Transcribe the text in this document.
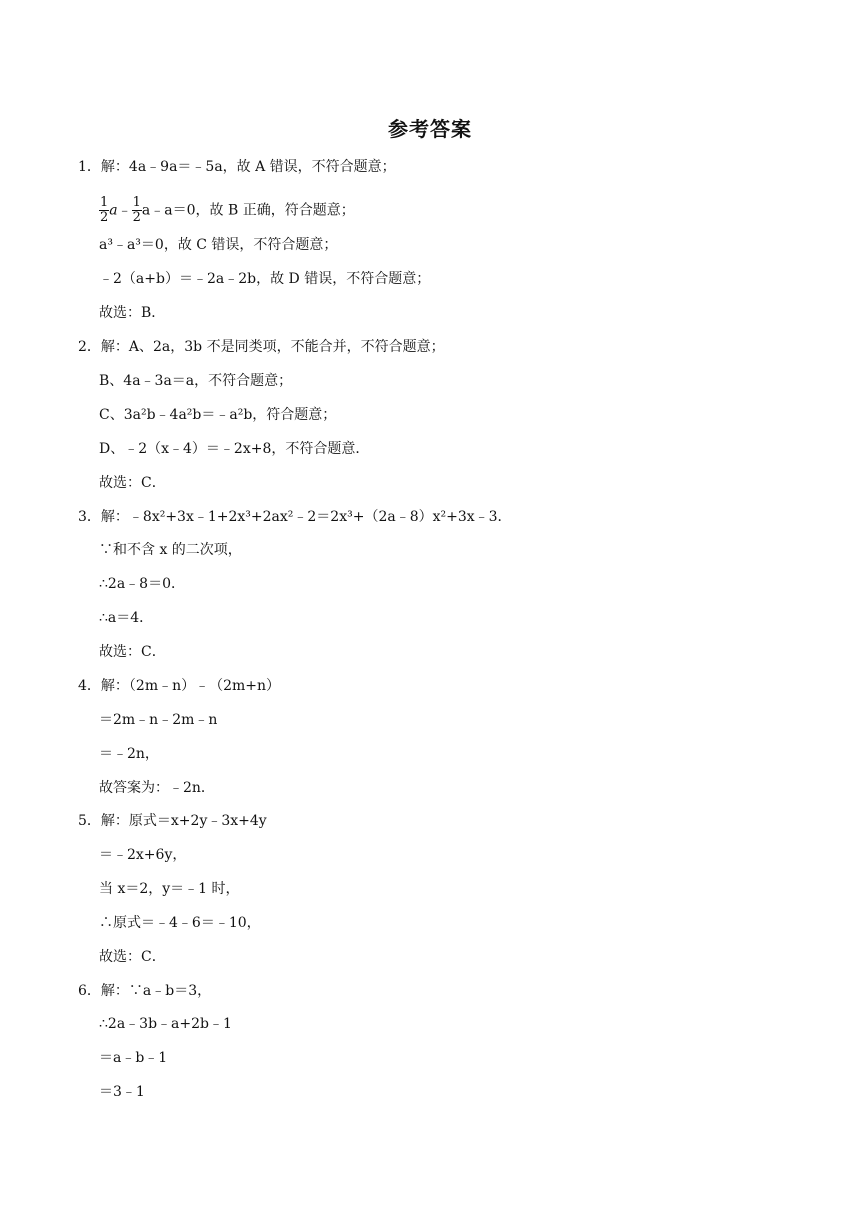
参考答案
1．解：4a﹣9a＝﹣5a，故 A 错误，不符合题意；
$\frac{1}{2}$ a﹣ $\frac{1}{2}$ a﹣a＝0，故 B 正确，符合题意；
a³﹣a³＝0，故 C 错误，不符合题意；
﹣2（a+b）＝﹣2a﹣2b，故 D 错误，不符合题意；
故选：B．
2．解：A、2a，3b 不是同类项，不能合并，不符合题意；
B、4a﹣3a＝a，不符合题意；
C、3a²b﹣4a²b＝﹣a²b，符合题意；
D、﹣2（x﹣4）＝﹣2x+8，不符合题意．
故选：C．
3．解：﹣8x²+3x﹣1+2x³+2ax²﹣2＝2x³+（2a﹣8）x²+3x﹣3．
∵和不含 x 的二次项，
∴2a﹣8＝0．
∴a＝4．
故选：C．
4．解：（2m﹣n）﹣（2m+n）
＝2m﹣n﹣2m﹣n
＝﹣2n，
故答案为：﹣2n．
5．解：原式＝x+2y﹣3x+4y
＝﹣2x+6y，
当 x＝2，y＝﹣1 时，
∴原式＝﹣4﹣6＝﹣10，
故选：C．
6．解：∵a﹣b＝3，
∴2a﹣3b﹣a+2b﹣1
＝a﹣b﹣1
＝3﹣1
